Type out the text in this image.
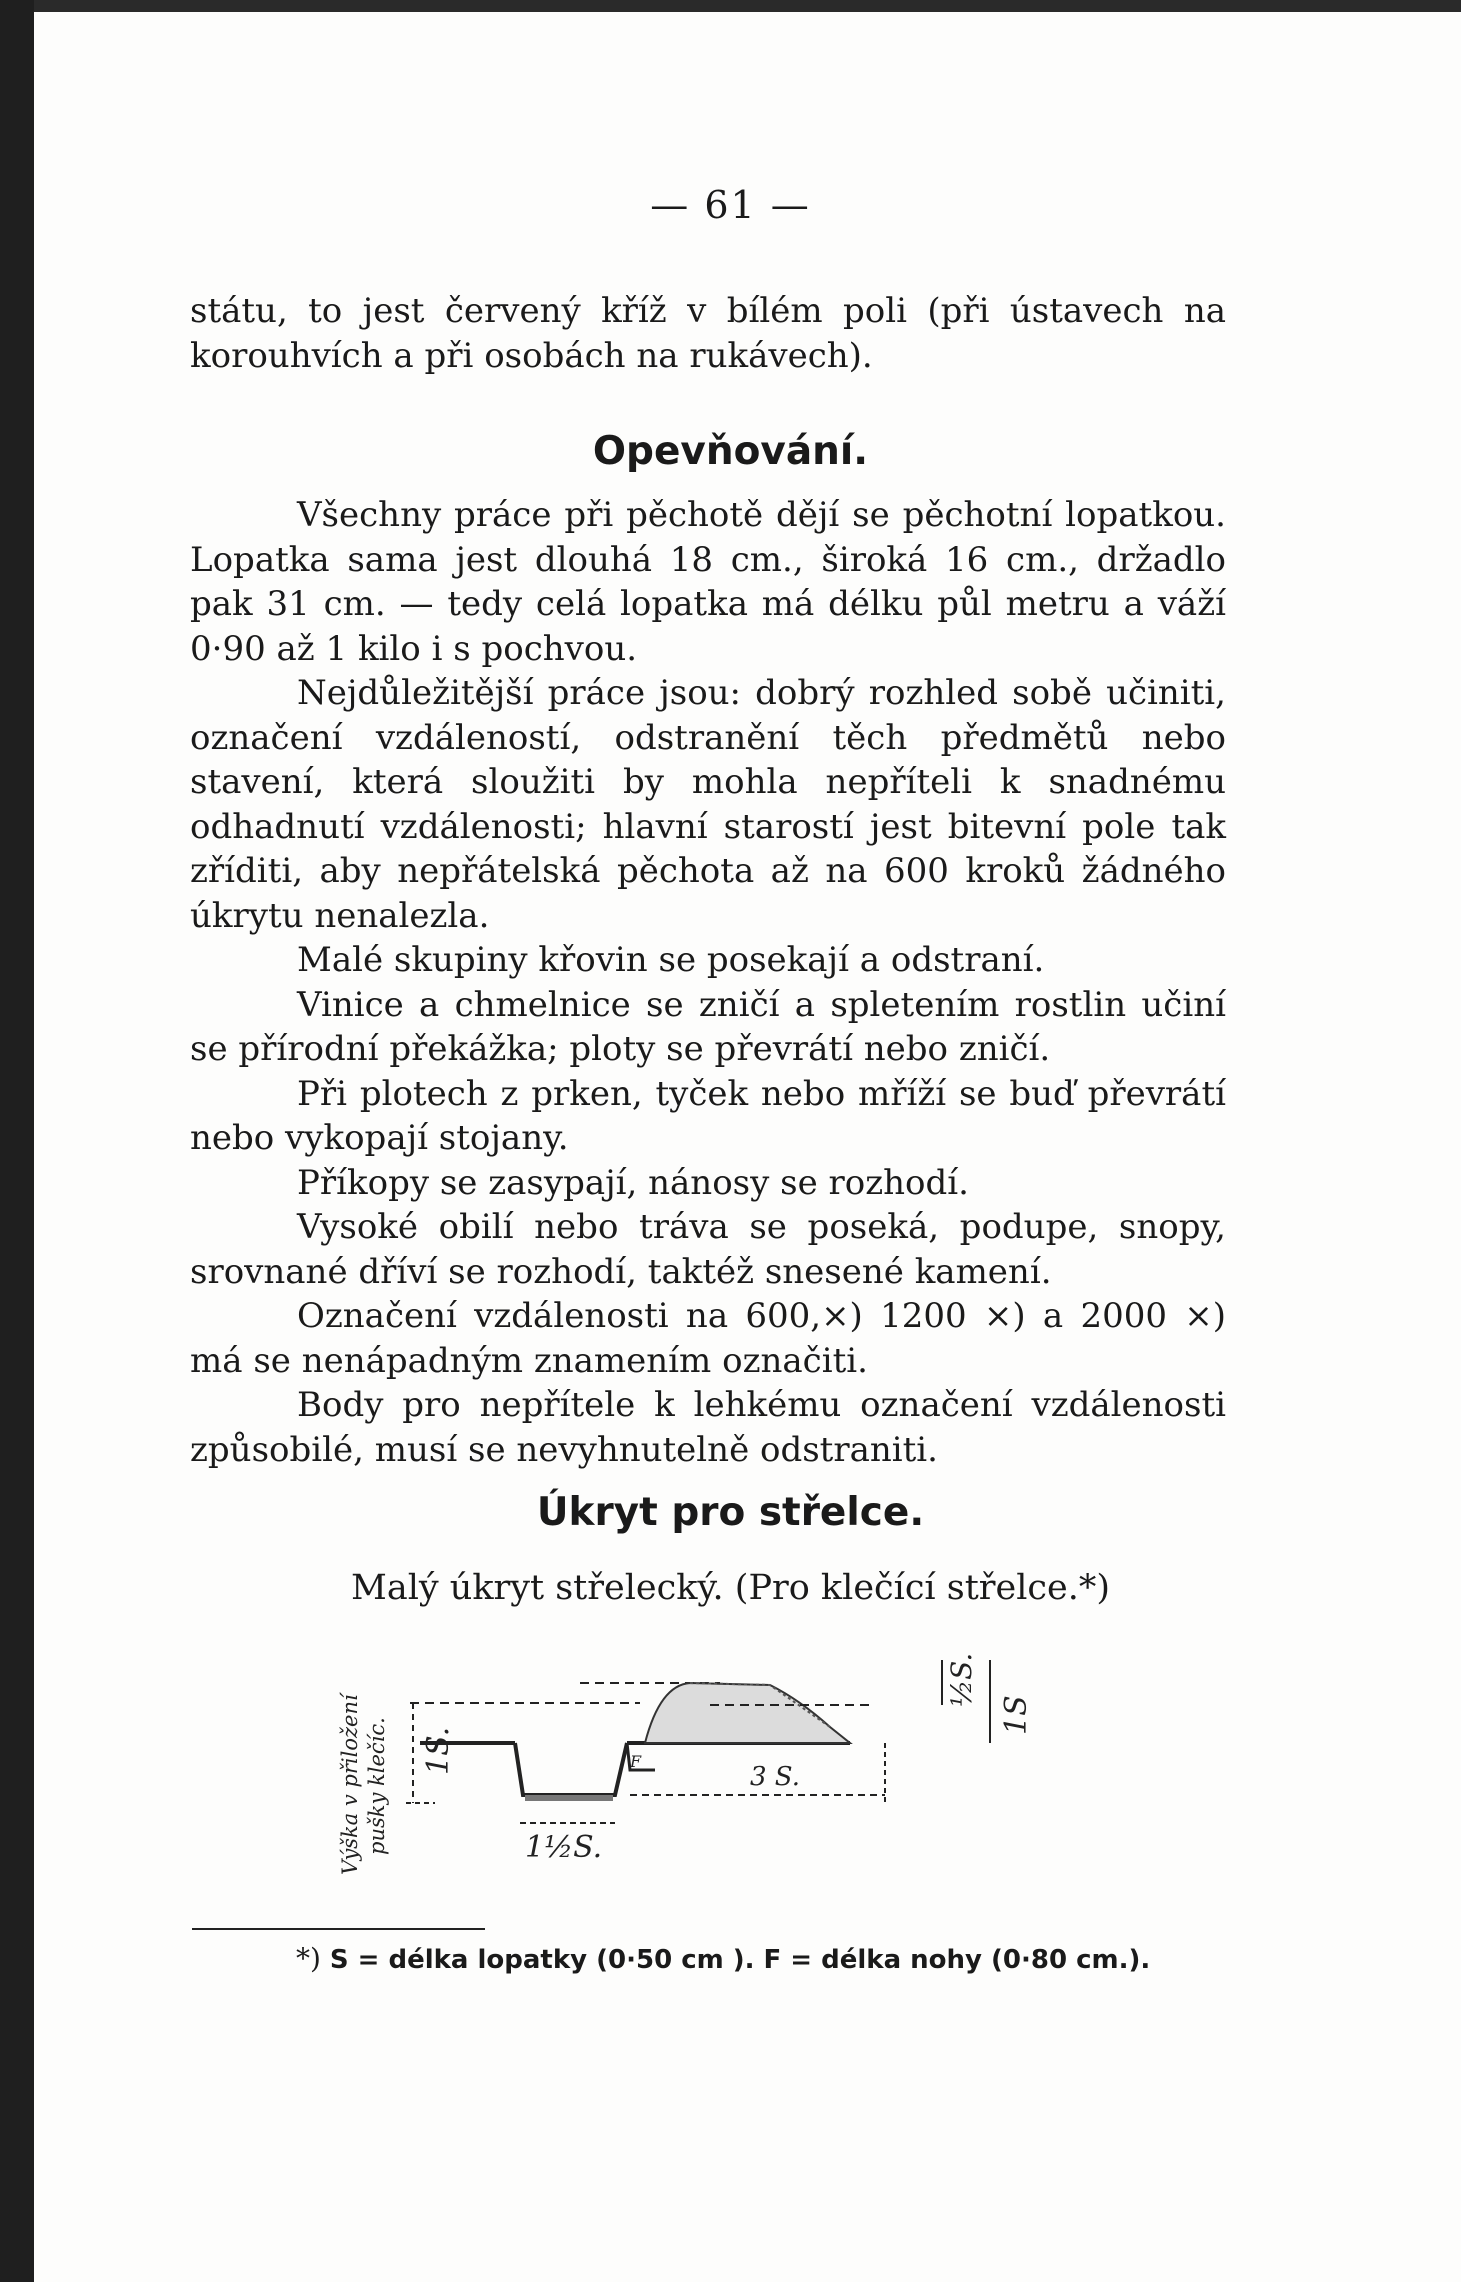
— 61 —

státu, to jest červený kříž v bílém poli (při ústavech na korouhvích a při osobách na rukávech).

Opevňování.

Všechny práce při pěchotě dějí se pěchotní lopatkou. Lopatka sama jest dlouhá 18 cm., široká 16 cm., držadlo pak 31 cm. — tedy celá lopatka má délku půl metru a váží 0·90 až 1 kilo i s pochvou.

Nejdůležitější práce jsou: dobrý rozhled sobě učiniti, označení vzdáleností, odstranění těch předmětů nebo stavení, která sloužiti by mohla nepříteli k snadnému odhadnutí vzdálenosti; hlavní starostí jest bitevní pole tak zříditi, aby nepřátelská pěchota až na 600 kroků žádného úkrytu nenalezla.

Malé skupiny křovin se posekají a odstraní.

Vinice a chmelnice se zničí a spletením rostlin učiní se přírodní překážka; ploty se převrátí nebo zničí.

Při plotech z prken, tyček nebo mříží se buď převrátí nebo vykopají stojany.

Příkopy se zasypají, nánosy se rozhodí.

Vysoké obilí nebo tráva se poseká, podupe, snopy, srovnané dříví se rozhodí, taktéž snesené kamení.

Označení vzdálenosti na 600,×) 1200 ×) a 2000 ×) má se nenápadným znamením označiti.

Body pro nepřítele k lehkému označení vzdálenosti způsobilé, musí se nevyhnutelně odstraniti.

Úkryt pro střelce.
Malý úkryt střelecký. (Pro klečící střelce.*)
Výška v přiložení pušky klečíc. 1S.	F
3 S.
1½S.
½S.
1S
*) S = délka lopatky (0·50 cm ). F = délka nohy (0·80 cm.).
